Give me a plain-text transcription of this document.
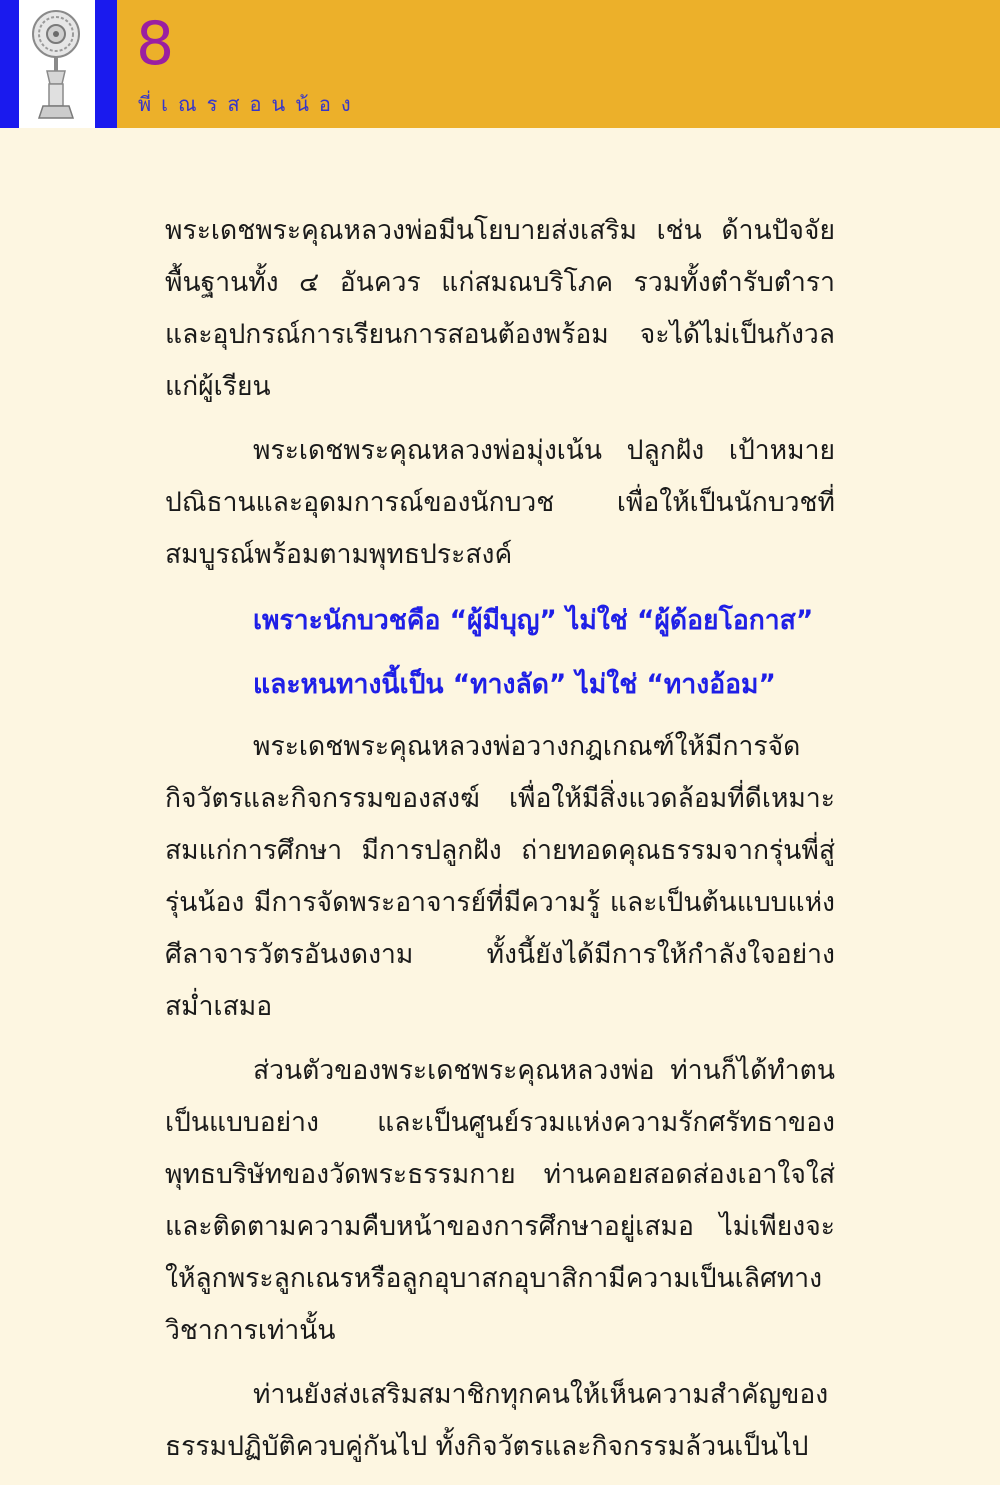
8
พี่เณรสอนน้อง

พระเดชพระคุณหลวงพ่อมีนโยบายส่งเสริม เช่น ด้านปัจจัยพื้นฐานทั้ง ๔ อันควร แก่สมณบริโภค รวมทั้งตำรับตำรา และอุปกรณ์การเรียนการสอนต้องพร้อม จะได้ไม่เป็นกังวลแก่ผู้เรียน

พระเดชพระคุณหลวงพ่อมุ่งเน้น ปลูกฝัง เป้าหมาย ปณิธานและอุดมการณ์ของนักบวช เพื่อให้เป็นนักบวชที่สมบูรณ์พร้อมตามพุทธประสงค์

เพราะนักบวชคือ “ผู้มีบุญ” ไม่ใช่ “ผู้ด้อยโอกาส”
และหนทางนี้เป็น “ทางลัด” ไม่ใช่ “ทางอ้อม”

พระเดชพระคุณหลวงพ่อวางกฎเกณฑ์ให้มีการจัดกิจวัตรและกิจกรรมของสงฆ์ เพื่อให้มีสิ่งแวดล้อมที่ดีเหมาะสมแก่การศึกษา มีการปลูกฝัง ถ่ายทอดคุณธรรมจากรุ่นพี่สู่รุ่นน้อง มีการจัดพระอาจารย์ที่มีความรู้ และเป็นต้นแบบแห่งศีลาจารวัตรอันงดงาม ทั้งนี้ยังได้มีการให้กำลังใจอย่างสม่ำเสมอ

ส่วนตัวของพระเดชพระคุณหลวงพ่อ ท่านก็ได้ทำตนเป็นแบบอย่าง และเป็นศูนย์รวมแห่งความรักศรัทธาของพุทธบริษัทของวัดพระธรรมกาย ท่านคอยสอดส่องเอาใจใส่และติดตามความคืบหน้าของการศึกษาอยู่เสมอ ไม่เพียงจะให้ลูกพระลูกเณรหรือลูกอุบาสกอุบาสิกามีความเป็นเลิศทางวิชาการเท่านั้น

ท่านยังส่งเสริมสมาชิกทุกคนให้เห็นความสำคัญของธรรมปฏิบัติควบคู่กันไป ทั้งกิจวัตรและกิจกรรมล้วนเป็นไป
